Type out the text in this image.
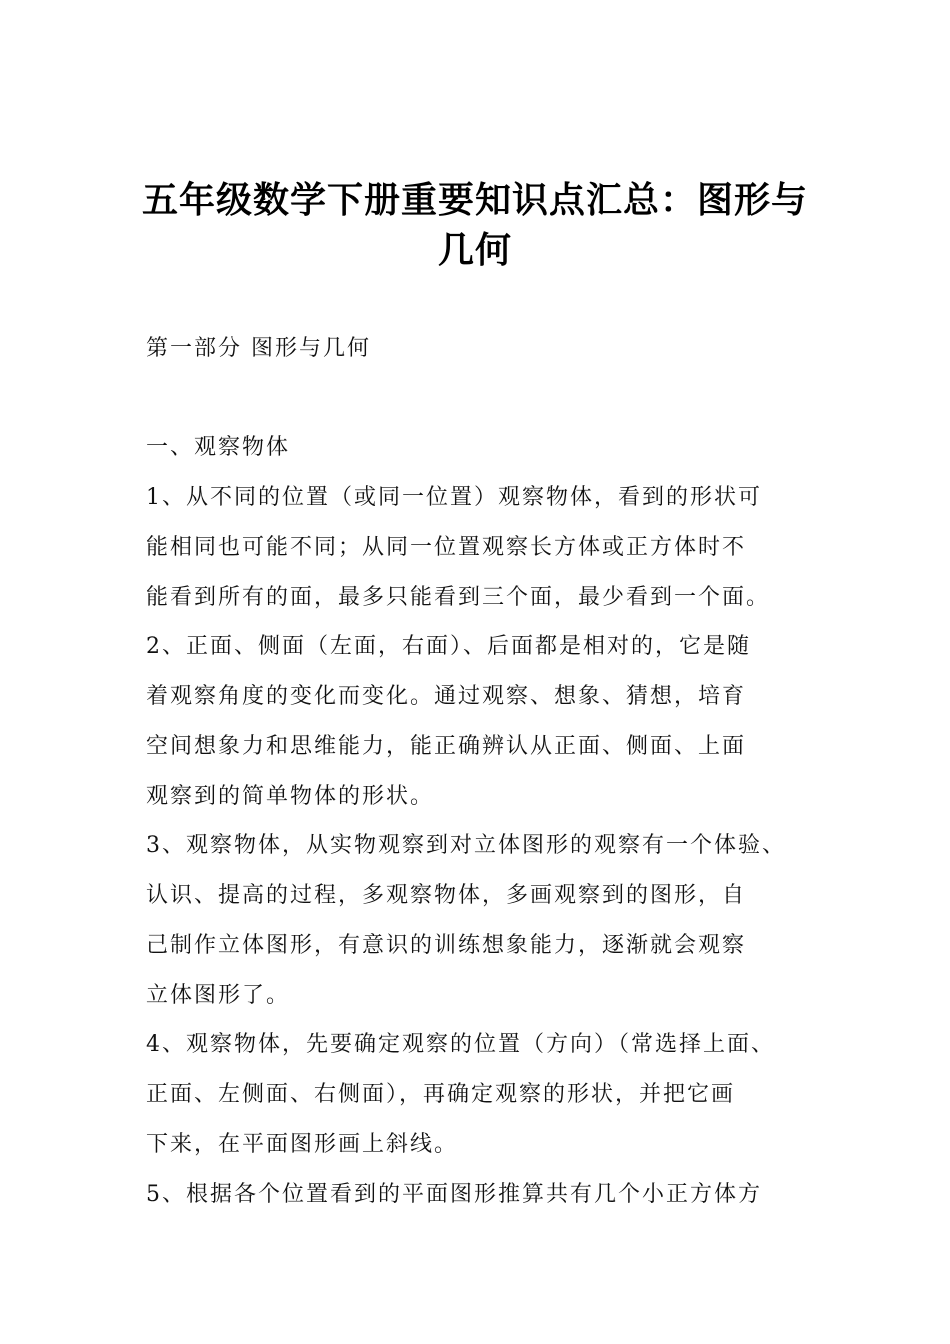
五年级数学下册重要知识点汇总：图形与
几何
第一部分 图形与几何
一、观察物体
1、从不同的位置（或同一位置）观察物体，看到的形状可
能相同也可能不同；从同一位置观察长方体或正方体时不
能看到所有的面，最多只能看到三个面，最少看到一个面。
2、正面、侧面（左面，右面）、后面都是相对的，它是随
着观察角度的变化而变化。通过观察、想象、猜想，培育
空间想象力和思维能力，能正确辨认从正面、侧面、上面
观察到的简单物体的形状。
3、观察物体，从实物观察到对立体图形的观察有一个体验、
认识、提高的过程，多观察物体，多画观察到的图形，自
己制作立体图形，有意识的训练想象能力，逐渐就会观察
立体图形了。
4、观察物体，先要确定观察的位置（方向）（常选择上面、
正面、左侧面、右侧面），再确定观察的形状，并把它画
下来，在平面图形画上斜线。
5、根据各个位置看到的平面图形推算共有几个小正方体方
